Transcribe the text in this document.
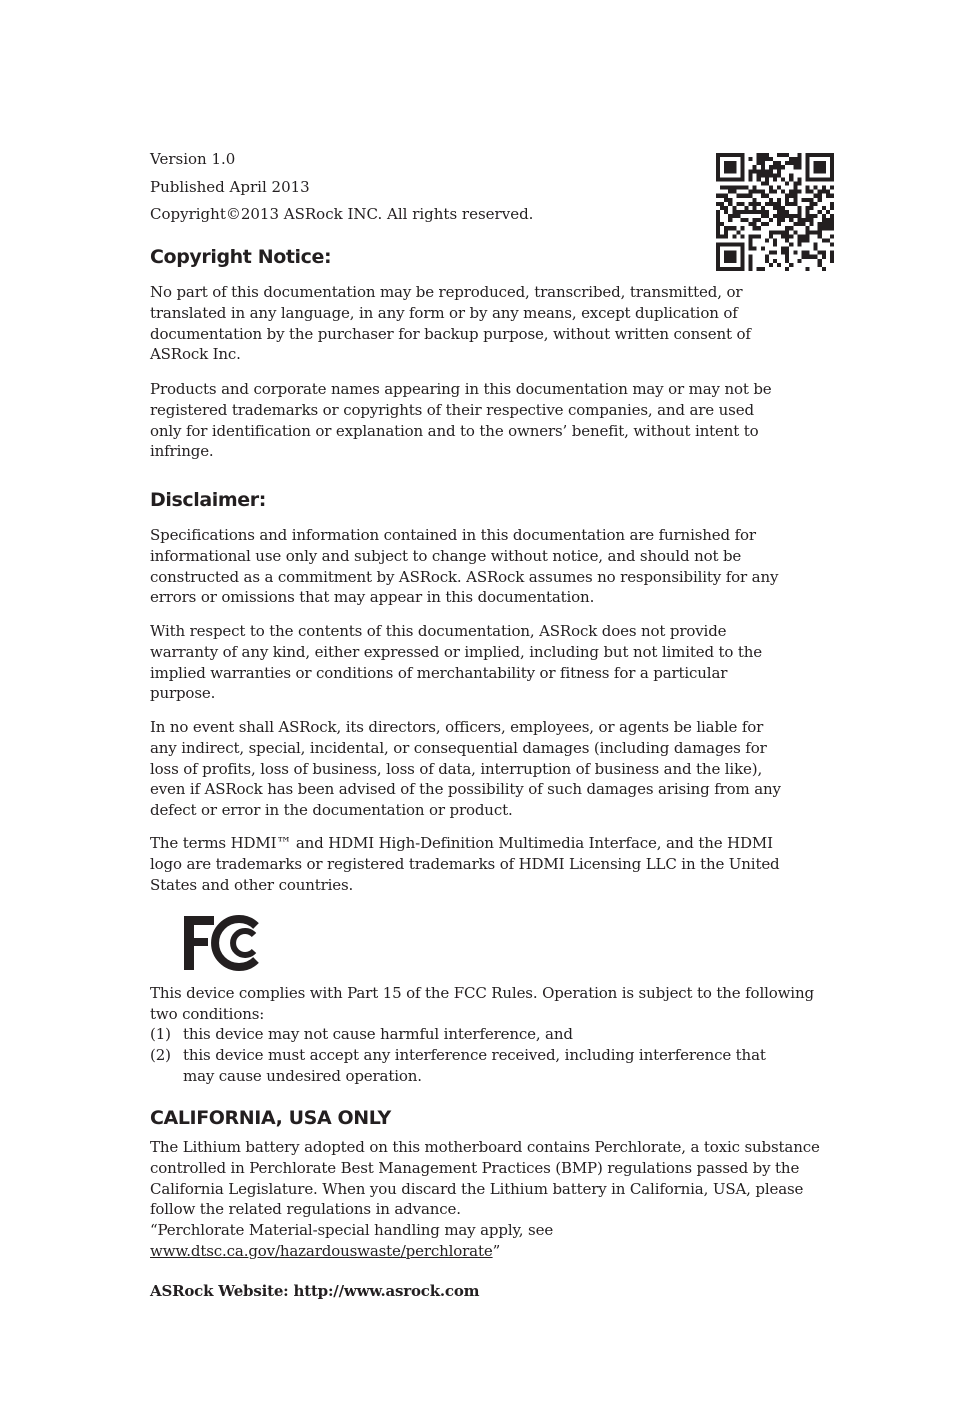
Version 1.0
Published April 2013
Copyright©2013 ASRock INC. All rights reserved.
Copyright Notice:

No part of this documentation may be reproduced, transcribed, transmitted, or translated in any language, in any form or by any means, except duplication of documentation by the purchaser for backup purpose, without written consent of ASRock Inc.

Products and corporate names appearing in this documentation may or may not be registered trademarks or copyrights of their respective companies, and are used only for identification or explanation and to the owners’ benefit, without intent to infringe.

Disclaimer:

Specifications and information contained in this documentation are furnished for informational use only and subject to change without notice, and should not be constructed as a commitment by ASRock. ASRock assumes no responsibility for any errors or omissions that may appear in this documentation.

With respect to the contents of this documentation, ASRock does not provide warranty of any kind, either expressed or implied, including but not limited to the implied warranties or conditions of merchantability or fitness for a particular purpose.

In no event shall ASRock, its directors, officers, employees, or agents be liable for any indirect, special, incidental, or consequential damages (including damages for loss of profits, loss of business, loss of data, interruption of business and the like), even if ASRock has been advised of the possibility of such damages arising from any defect or error in the documentation or product.

The terms HDMI™ and HDMI High-Definition Multimedia Interface, and the HDMI logo are trademarks or registered trademarks of HDMI Licensing LLC in the United States and other countries.

This device complies with Part 15 of the FCC Rules. Operation is subject to the following two conditions:

(1) this device may not cause harmful interference, and
(2) this device must accept any interference received, including interference that may cause undesired operation.
CALIFORNIA, USA ONLY

The Lithium battery adopted on this motherboard contains Perchlorate, a toxic substance controlled in Perchlorate Best Management Practices (BMP) regulations passed by the California Legislature. When you discard the Lithium battery in California, USA, please follow the related regulations in advance.

“Perchlorate Material-special handling may apply, see www.dtsc.ca.gov/hazardouswaste/perchlorate”

ASRock Website: http://www.asrock.com
